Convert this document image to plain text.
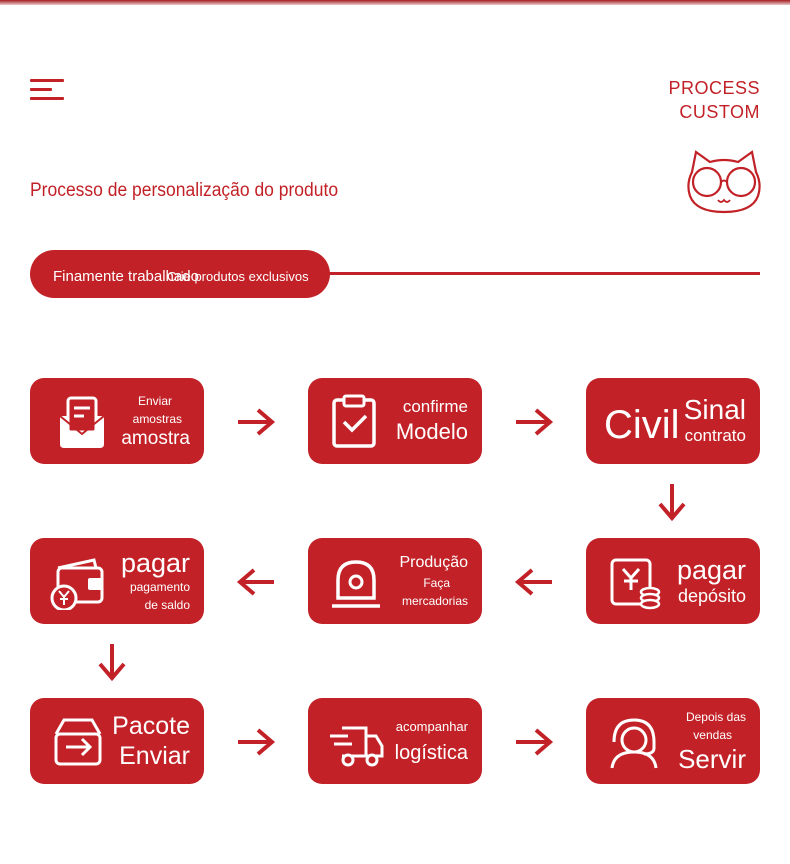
PROCESS
CUSTOM
Processo de personalização do produto
Finamente trabalhado
Crie produtos exclusivos
Enviar
amostras
amostra
confirme
Modelo	Civil Sinal
contrato
pagar
pagamento
de saldo
Produção
Faça
mercadorias
pagar
depósito
Pacote
Enviar
acompanhar
logística
Depois das
vendas
Servir
